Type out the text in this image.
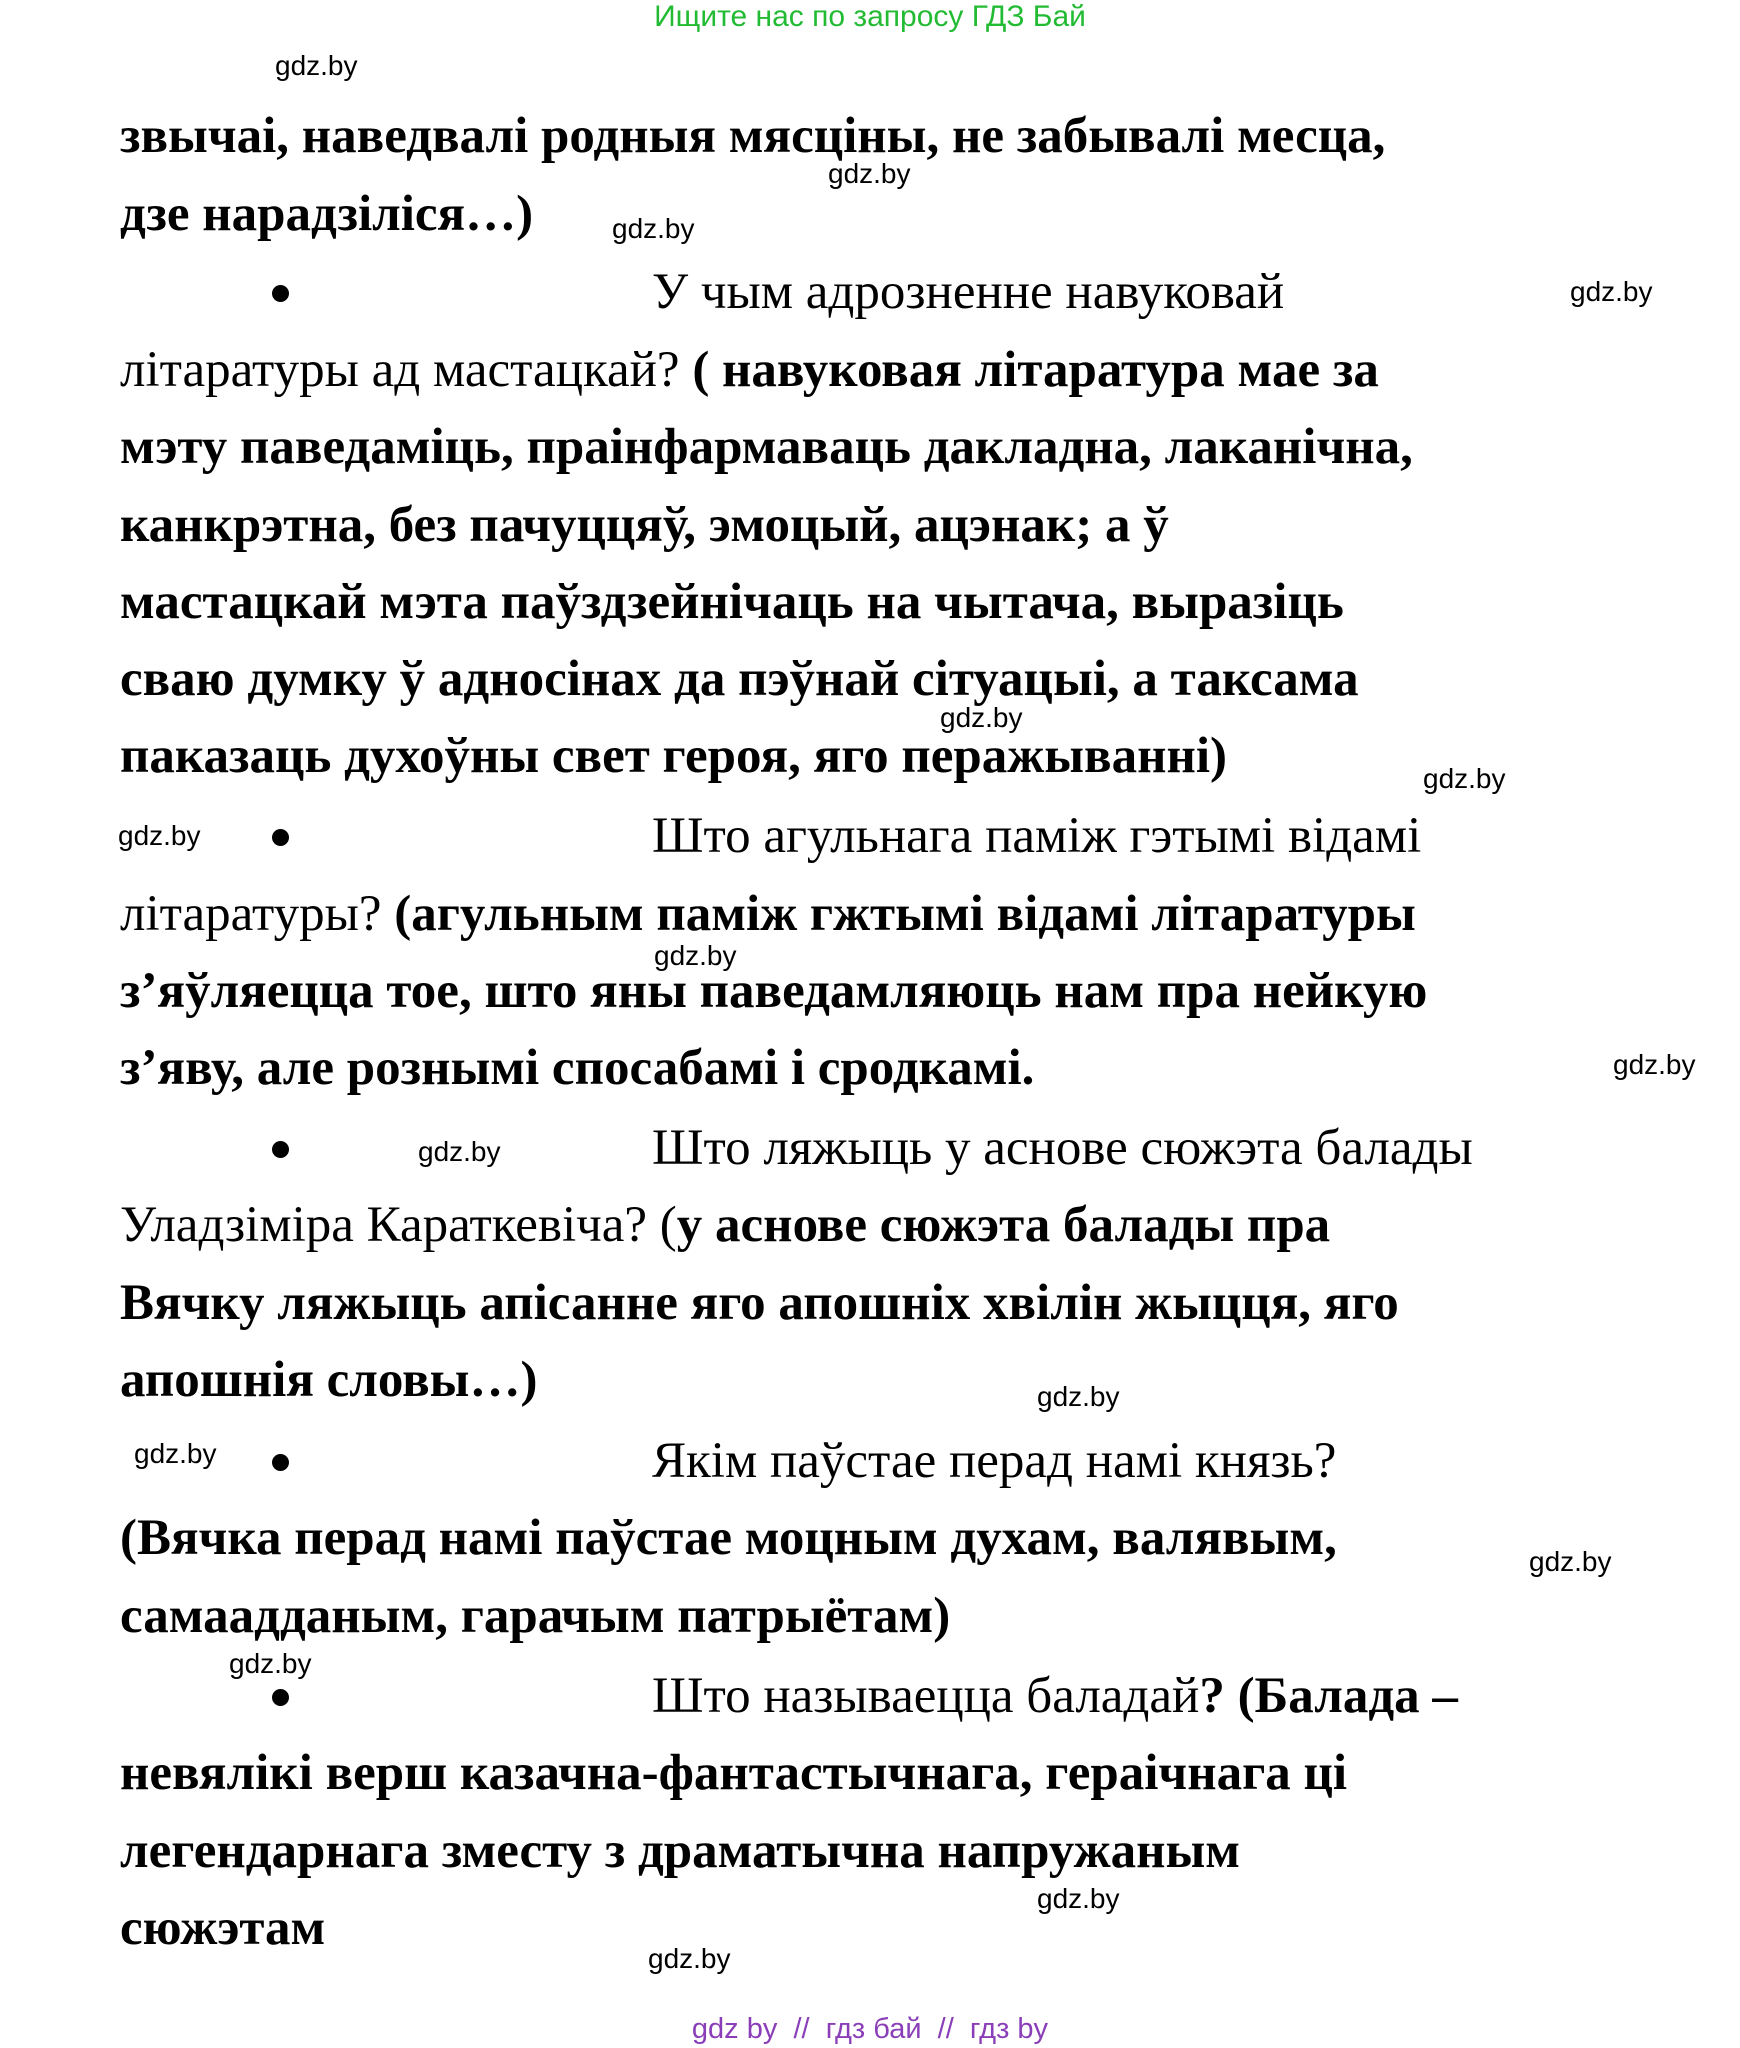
Ищите нас по запросу ГДЗ Бай
gdz.by
gdz.by
gdz.by
gdz.by
gdz.by
gdz.by
gdz.by
gdz.by
gdz.by
gdz.by
gdz.by
gdz.by
gdz.by
gdz.by
gdz.by
gdz.by
звычаі, наведвалі родныя мясціны, не забывалі месца,
дзе нарадзіліся…)
У чым адрозненне навуковай
літаратуры ад мастацкай? ( навуковая літаратура мае за
мэту паведаміць, праінфармаваць дакладна, лаканічна,
канкрэтна, без пачуццяў, эмоцый, ацэнак; а ў
мастацкай мэта паўздзейнічаць на чытача, выразіць
сваю думку ў адносінах да пэўнай сітуацыі, а таксама
паказаць духоўны свет героя, яго перажыванні)
Што агульнага паміж гэтымі відамі
літаратуры? (агульным паміж гжтымі відамі літаратуры
з’яўляецца тое, што яны паведамляюць нам пра нейкую
з’яву, але рознымі спосабамі і сродкамі.
Што ляжыць у аснове сюжэта балады
Уладзіміра Караткевіча? (у аснове сюжэта балады пра
Вячку ляжыць апісанне яго апошніх хвілін жыцця, яго
апошнія словы…)
Якім паўстае перад намі князь?
(Вячка перад намі паўстае моцным духам, валявым,
самаадданым, гарачым патрыётам)
Што называецца баладай? (Балада –
невялікі верш казачна-фантастычнага, гераічнага ці
легендарнага зместу з драматычна напружаным
сюжэтам
gdz by  //  гдз бай  //  гдз by
